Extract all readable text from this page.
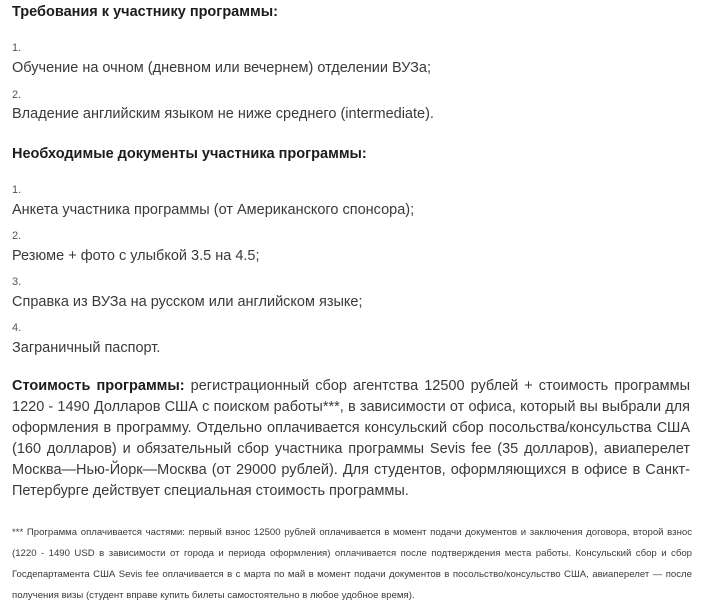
Требования к участнику программы:
1.
Обучение на очном (дневном или вечернем) отделении ВУЗа;
2.
Владение английским языком не ниже среднего (intermediate).
Необходимые документы участника программы:
1.
Анкета участника программы (от Американского спонсора);
2.
Резюме + фото с улыбкой 3.5 на 4.5;
3.
Справка из ВУЗа на русском или английском языке;
4.
Заграничный паспорт.

Стоимость программы: регистрационный сбор агентства 12500 рублей + стоимость программы 1220 - 1490 Долларов США с поиском работы***, в зависимости от офиса, который вы выбрали для оформления в программу. Отдельно оплачивается консульский сбор посольства/консульства США (160 долларов) и обязательный сбор участника программы Sevis fee (35 долларов), авиаперелет Москва—Нью-Йорк—Москва (от 29000 рублей). Для студентов, оформляющихся в офисе в Санкт-Петербурге действует специальная стоимость программы.

*** Программа оплачивается частями: первый взнос 12500 рублей оплачивается в момент подачи документов и заключения договора, второй взнос (1220 - 1490 USD в зависимости от города и периода оформления) оплачивается после подтверждения места работы. Консульский сбор и сбор Госдепартамента США Sevis fee оплачивается в с марта по май в момент подачи документов в посольство/консульство США, авиаперелет — после получения визы (студент вправе купить билеты самостоятельно в любое удобное время).
